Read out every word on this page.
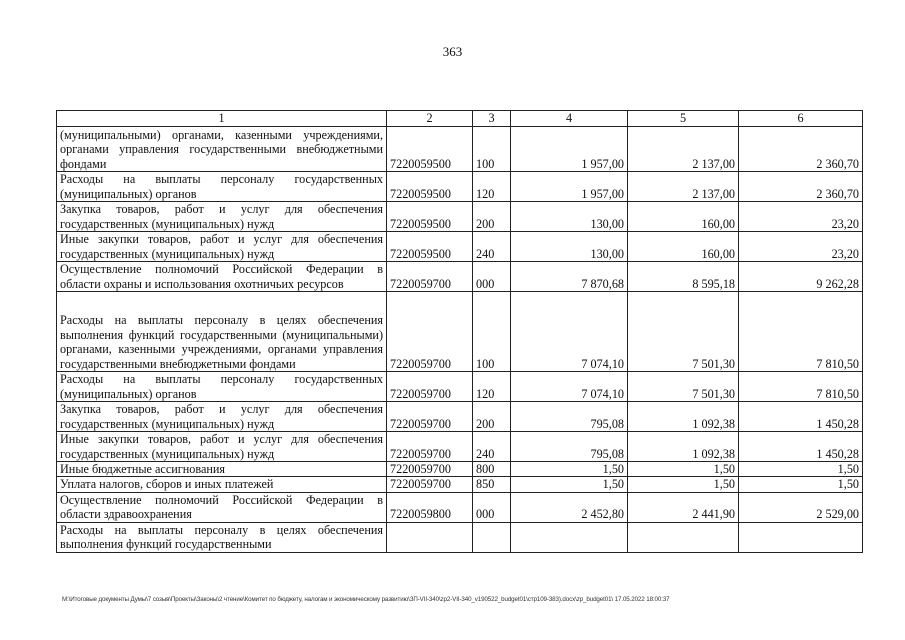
363
1	2	3	4	5	6
(муниципальными) органами, казенными учреждениями, органами управления государственными внебюджетными фондами	7220059500	100	1 957,00	2 137,00	2 360,70
Расходы на выплаты персоналу государственных (муниципальных) органов	7220059500	120	1 957,00	2 137,00	2 360,70
Закупка товаров, работ и услуг для обеспечения государственных (муниципальных) нужд	7220059500	200	130,00	160,00	23,20
Иные закупки товаров, работ и услуг для обеспечения государственных (муниципальных) нужд	7220059500	240	130,00	160,00	23,20
Осуществление полномочий Российской Федерации в области охраны и использования охотничьих ресурсов	7220059700	000	7 870,68	8 595,18	9 262,28
Расходы на выплаты персоналу в целях обеспечения выполнения функций государственными (муниципальными) органами, казенными учреждениями, органами управления государственными внебюджетными фондами	7220059700	100	7 074,10	7 501,30	7 810,50
Расходы на выплаты персоналу государственных (муниципальных) органов	7220059700	120	7 074,10	7 501,30	7 810,50
Закупка товаров, работ и услуг для обеспечения государственных (муниципальных) нужд	7220059700	200	795,08	1 092,38	1 450,28
Иные закупки товаров, работ и услуг для обеспечения государственных (муниципальных) нужд	7220059700	240	795,08	1 092,38	1 450,28
Иные бюджетные ассигнования	7220059700	800	1,50	1,50	1,50
Уплата налогов, сборов и иных платежей	7220059700	850	1,50	1,50	1,50
Осуществление полномочий Российской Федерации в области здравоохранения	7220059800	000	2 452,80	2 441,90	2 529,00
Расходы на выплаты персоналу в целях обеспечения выполнения функций государственными					
M:\Итоговые документы Думы\7 созыв\Проекты\Законы\2 чтение\Комитет по бюджету, налогам и экономическому развитию\ЗП-VII-340\zp2-VII-340_v190522_budget01\стр109-383).docx\zp_budget01\ 17.05.2022 18:00:37
